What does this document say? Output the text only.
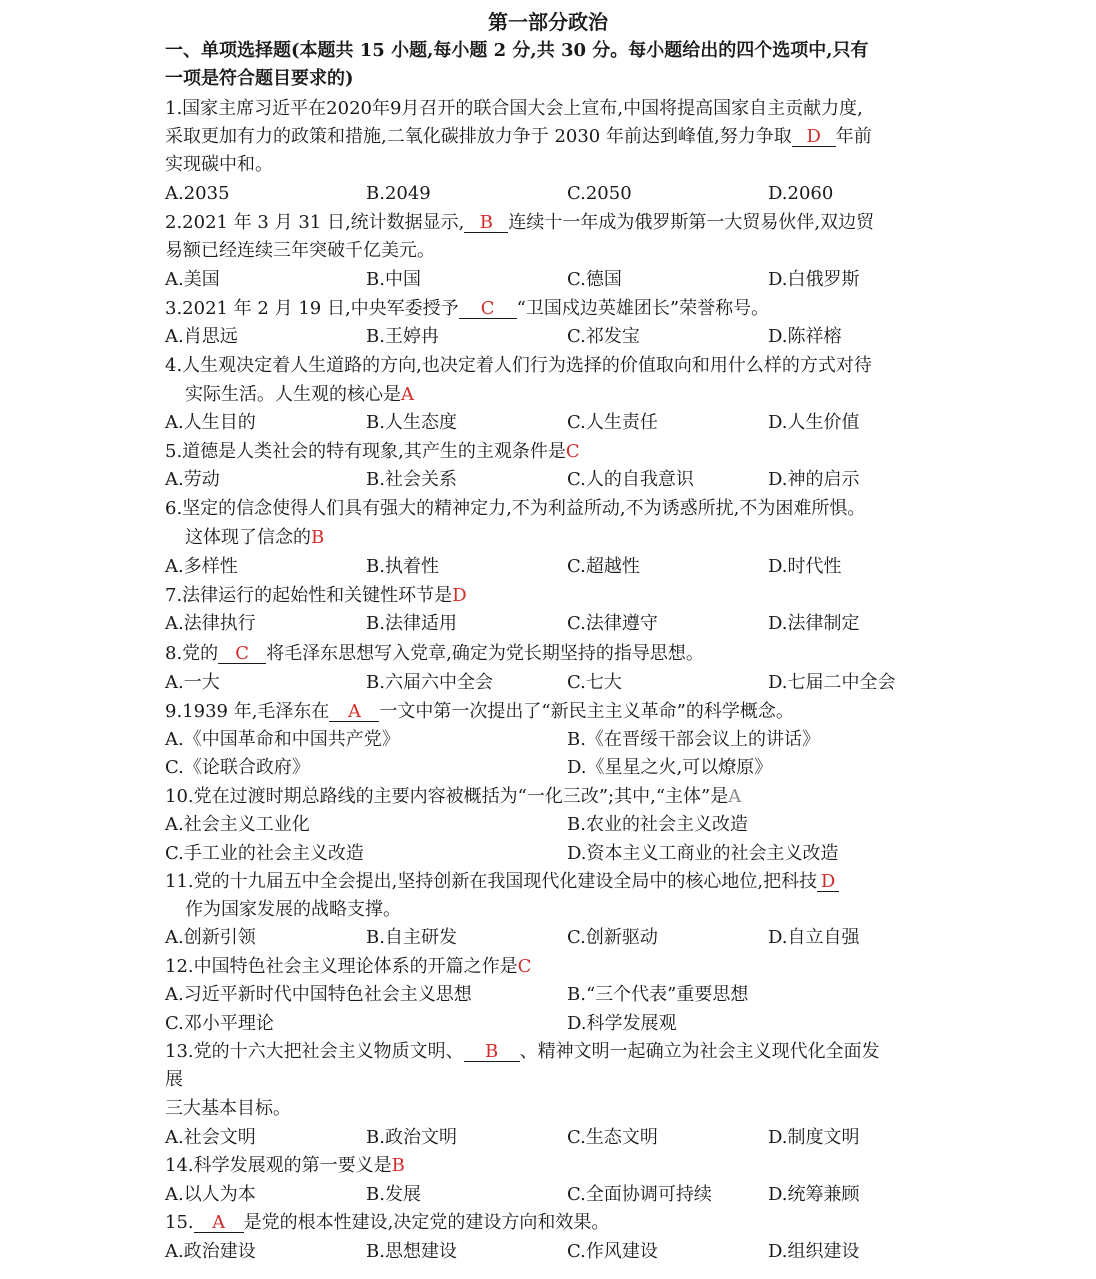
第一部分政治
一、单项选择题(本题共 15 小题,每小题 2 分,共 30 分。每小题给出的四个选项中,只有
一项是符合题目要求的)
1.国家主席习近平在2020年9月召开的联合国大会上宣布,中国将提高国家自主贡献力度,
采取更加有力的政策和措施,二氧化碳排放力争于 2030 年前达到峰值,努力争取 D 年前
实现碳中和。
A.2035	B.2049	C.2050	D.2060
2.2021 年 3 月 31 日,统计数据显示, B 连续十一年成为俄罗斯第一大贸易伙伴,双边贸
易额已经连续三年突破千亿美元。
A.美国	B.中国	C.德国	D.白俄罗斯
3.2021 年 2 月 19 日,中央军委授予 C “卫国戍边英雄团长”荣誉称号。
A.肖思远	B.王婷冉	C.祁发宝	D.陈祥榕
4.人生观决定着人生道路的方向,也决定着人们行为选择的价值取向和用什么样的方式对待
实际生活。人生观的核心是A
A.人生目的	B.人生态度	C.人生责任	D.人生价值
5.道德是人类社会的特有现象,其产生的主观条件是C
A.劳动	B.社会关系	C.人的自我意识	D.神的启示
6.坚定的信念使得人们具有强大的精神定力,不为利益所动,不为诱惑所扰,不为困难所惧。
这体现了信念的B
A.多样性	B.执着性	C.超越性	D.时代性
7.法律运行的起始性和关键性环节是D
A.法律执行	B.法律适用	C.法律遵守	D.法律制定
8.党的 C 将毛泽东思想写入党章,确定为党长期坚持的指导思想。
A.一大	B.六届六中全会	C.七大	D.七届二中全会
9.1939 年,毛泽东在 A 一文中第一次提出了“新民主主义革命”的科学概念。
A.《中国革命和中国共产党》	B.《在晋绥干部会议上的讲话》
C.《论联合政府》	D.《星星之火,可以燎原》
10.党在过渡时期总路线的主要内容被概括为“一化三改”;其中,“主体”是A
A.社会主义工业化	B.农业的社会主义改造
C.手工业的社会主义改造	D.资本主义工商业的社会主义改造
11.党的十九届五中全会提出,坚持创新在我国现代化建设全局中的核心地位,把科技 D
作为国家发展的战略支撑。
A.创新引领	B.自主研发	C.创新驱动	D.自立自强
12.中国特色社会主义理论体系的开篇之作是C
A.习近平新时代中国特色社会主义思想	B.“三个代表”重要思想
C.邓小平理论	D.科学发展观
13.党的十六大把社会主义物质文明、 B 、精神文明一起确立为社会主义现代化全面发
展
三大基本目标。
A.社会文明	B.政治文明	C.生态文明	D.制度文明
14.科学发展观的第一要义是B
A.以人为本	B.发展	C.全面协调可持续	D.统筹兼顾
15. A 是党的根本性建设,决定党的建设方向和效果。
A.政治建设	B.思想建设	C.作风建设	D.组织建设
